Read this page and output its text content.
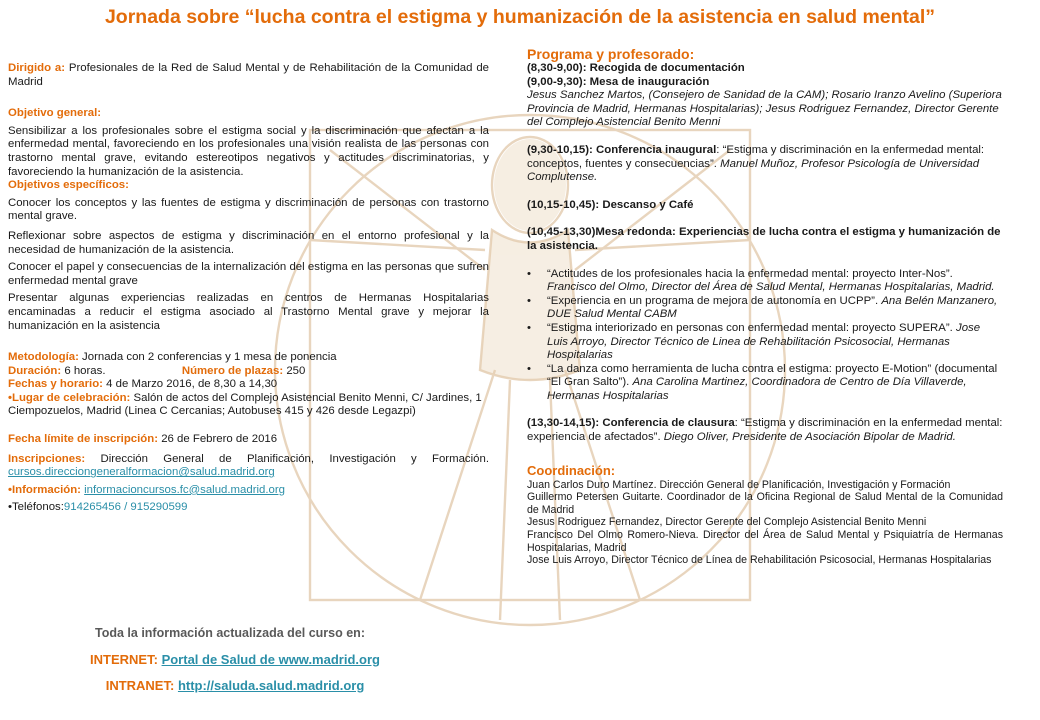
Jornada sobre “lucha contra el estigma y humanización de la asistencia en salud mental”

Dirigido a: Profesionales de la Red de Salud Mental y de Rehabilitación de la Comunidad de Madrid

Objetivo general:

Sensibilizar a los profesionales sobre el estigma social y la discriminación que afectan a la enfermedad mental, favoreciendo en los profesionales una visión realista de las personas con trastorno mental grave, evitando estereotipos negativos y actitudes discriminatorias, y favoreciendo la humanización de la asistencia.

Objetivos específicos:

Conocer los conceptos y las fuentes de estigma y discriminación de personas con trastorno mental grave.

Reflexionar sobre aspectos de estigma y discriminación en el entorno profesional y la necesidad de humanización de la asistencia.

Conocer el papel y consecuencias de la internalización del estigma en las personas que sufren enfermedad mental grave

Presentar algunas experiencias realizadas en centros de Hermanas Hospitalarias encaminadas a reducir el estigma asociado al Trastorno Mental grave y mejorar la humanización en la asistencia

Metodología: Jornada con 2 conferencias y 1 mesa de ponencia

Duración: 6 horas.	Número de plazas: 250

Fechas y horario: 4 de Marzo 2016, de 8,30 a 14,30

•Lugar de celebración: Salón de actos del Complejo Asistencial Benito Menni, C/ Jardines, 1 Ciempozuelos, Madrid (Linea C Cercanias; Autobuses 415 y 426 desde Legazpi)

Fecha límite de inscripción: 26 de Febrero de 2016

Inscripciones: Dirección General de Planificación, Investigación y Formación. cursos.direcciongeneralformacion@salud.madrid.org

•Información: informacioncursos.fc@salud.madrid.org

•Teléfonos:914265456 / 915290599

Toda la información actualizada del curso en:
INTERNET: Portal de Salud de www.madrid.org
INTRANET: http://saluda.salud.madrid.org

Programa y profesorado:

(8,30-9,00): Recogida de documentación

(9,00-9,30): Mesa de inauguración

Jesus Sanchez Martos, (Consejero de Sanidad de la CAM); Rosario Iranzo Avelino (Superiora Provincia de Madrid, Hermanas Hospitalarias); Jesus Rodriguez Fernandez, Director Gerente del Complejo Asistencial Benito Menni

(9,30-10,15): Conferencia inaugural: “Estigma y discriminación en la enfermedad mental: conceptos, fuentes y consecuencias”. Manuel Muñoz, Profesor Psicología de Universidad Complutense.

(10,15-10,45): Descanso y Café

(10,45-13,30)Mesa redonda: Experiencias de lucha contra el estigma y humanización de la asistencia.

• “Actitudes de los profesionales hacia la enfermedad mental: proyecto Inter-Nos”. Francisco del Olmo, Director del Área de Salud Mental, Hermanas Hospitalarias, Madrid.

• “Experiencia en un programa de mejora de autonomía en UCPP”. Ana Belén Manzanero, DUE Salud Mental CABM

• “Estigma interiorizado en personas con enfermedad mental: proyecto SUPERA”. Jose Luis Arroyo, Director Técnico de Linea de Rehabilitación Psicosocial, Hermanas Hospitalarias

• “La danza como herramienta de lucha contra el estigma: proyecto E-Motion” (documental “El Gran Salto”). Ana Carolina Martinez, Coordinadora de Centro de Día Villaverde, Hermanas Hospitalarias

(13,30-14,15): Conferencia de clausura: “Estigma y discriminación en la enfermedad mental: experiencia de afectados”. Diego Oliver, Presidente de Asociación Bipolar de Madrid.

Coordinación:

Juan Carlos Duro Martínez. Dirección General de Planificación, Investigación y Formación

Guillermo Petersen Guitarte. Coordinador de la Oficina Regional de Salud Mental de la Comunidad de Madrid

Jesus Rodriguez Fernandez, Director Gerente del Complejo Asistencial Benito Menni

Francisco Del Olmo Romero-Nieva. Director del Área de Salud Mental y Psiquiatría de Hermanas Hospitalarias, Madrid

Jose Luis Arroyo, Director Técnico de Línea de Rehabilitación Psicosocial, Hermanas Hospitalarias
